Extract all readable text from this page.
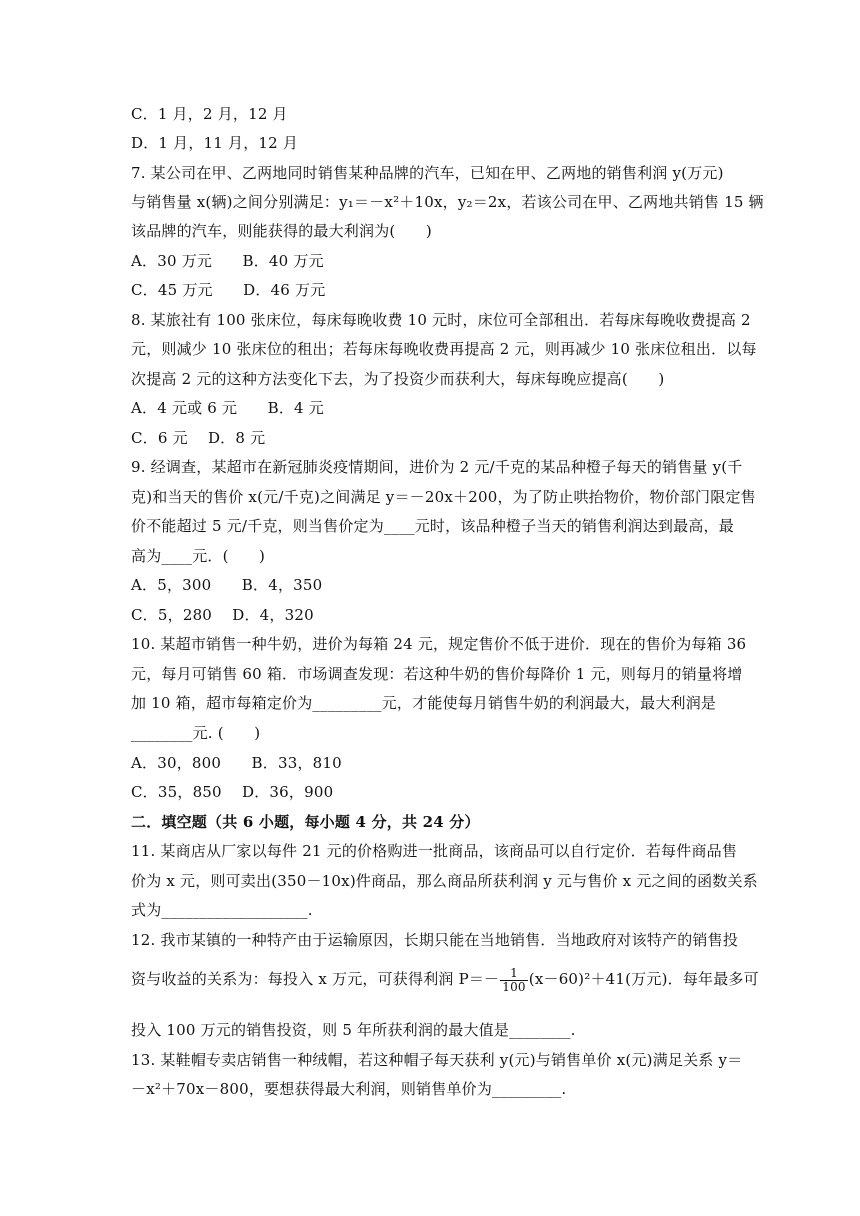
C．1 月，2 月，12 月
D．1 月，11 月，12 月
7. 某公司在甲、乙两地同时销售某种品牌的汽车，已知在甲、乙两地的销售利润 y(万元)
与销售量 x(辆)之间分别满足：y₁＝－x²＋10x，y₂＝2x，若该公司在甲、乙两地共销售 15 辆
该品牌的汽车，则能获得的最大利润为(　　)
A．30 万元　　B．40 万元
C．45 万元　　D．46 万元
8. 某旅社有 100 张床位，每床每晚收费 10 元时，床位可全部租出．若每床每晚收费提高 2
元，则减少 10 张床位的租出；若每床每晚收费再提高 2 元，则再减少 10 张床位租出．以每
次提高 2 元的这种方法变化下去，为了投资少而获利大，每床每晚应提高(　　)
A．4 元或 6 元　　B．4 元
C．6 元　 D．8 元
9. 经调查，某超市在新冠肺炎疫情期间，进价为 2 元/千克的某品种橙子每天的销售量 y(千
克)和当天的售价 x(元/千克)之间满足 y＝－20x＋200，为了防止哄抬物价，物价部门限定售
价不能超过 5 元/千克，则当售价定为____元时，该品种橙子当天的销售利润达到最高，最
高为____元．(　　)
A．5，300　　B．4，350
C．5，280　 D．4，320
10. 某超市销售一种牛奶，进价为每箱 24 元，规定售价不低于进价．现在的售价为每箱 36
元，每月可销售 60 箱．市场调查发现：若这种牛奶的售价每降价 1 元，则每月的销量将增
加 10 箱，超市每箱定价为_________元，才能使每月销售牛奶的利润最大，最大利润是
________元. (　　)
A．30，800　　B．33，810
C．35，850　 D．36，900
二．填空题（共 6 小题，每小题 4 分，共 24 分）
11. 某商店从厂家以每件 21 元的价格购进一批商品，该商品可以自行定价．若每件商品售
价为 x 元，则可卖出(350－10x)件商品，那么商品所获利润 y 元与售价 x 元之间的函数关系
式为___________________.
12. 我市某镇的一种特产由于运输原因，长期只能在当地销售．当地政府对该特产的销售投
资与收益的关系为：每投入 x 万元，可获得利润 $P=- \frac{1}{100} (x-60)^2+41$(万元)．每年最多可
投入 100 万元的销售投资，则 5 年所获利润的最大值是________.
13. 某鞋帽专卖店销售一种绒帽，若这种帽子每天获利 y(元)与销售单价 x(元)满足关系 y＝
－x²＋70x－800，要想获得最大利润，则销售单价为_________.
